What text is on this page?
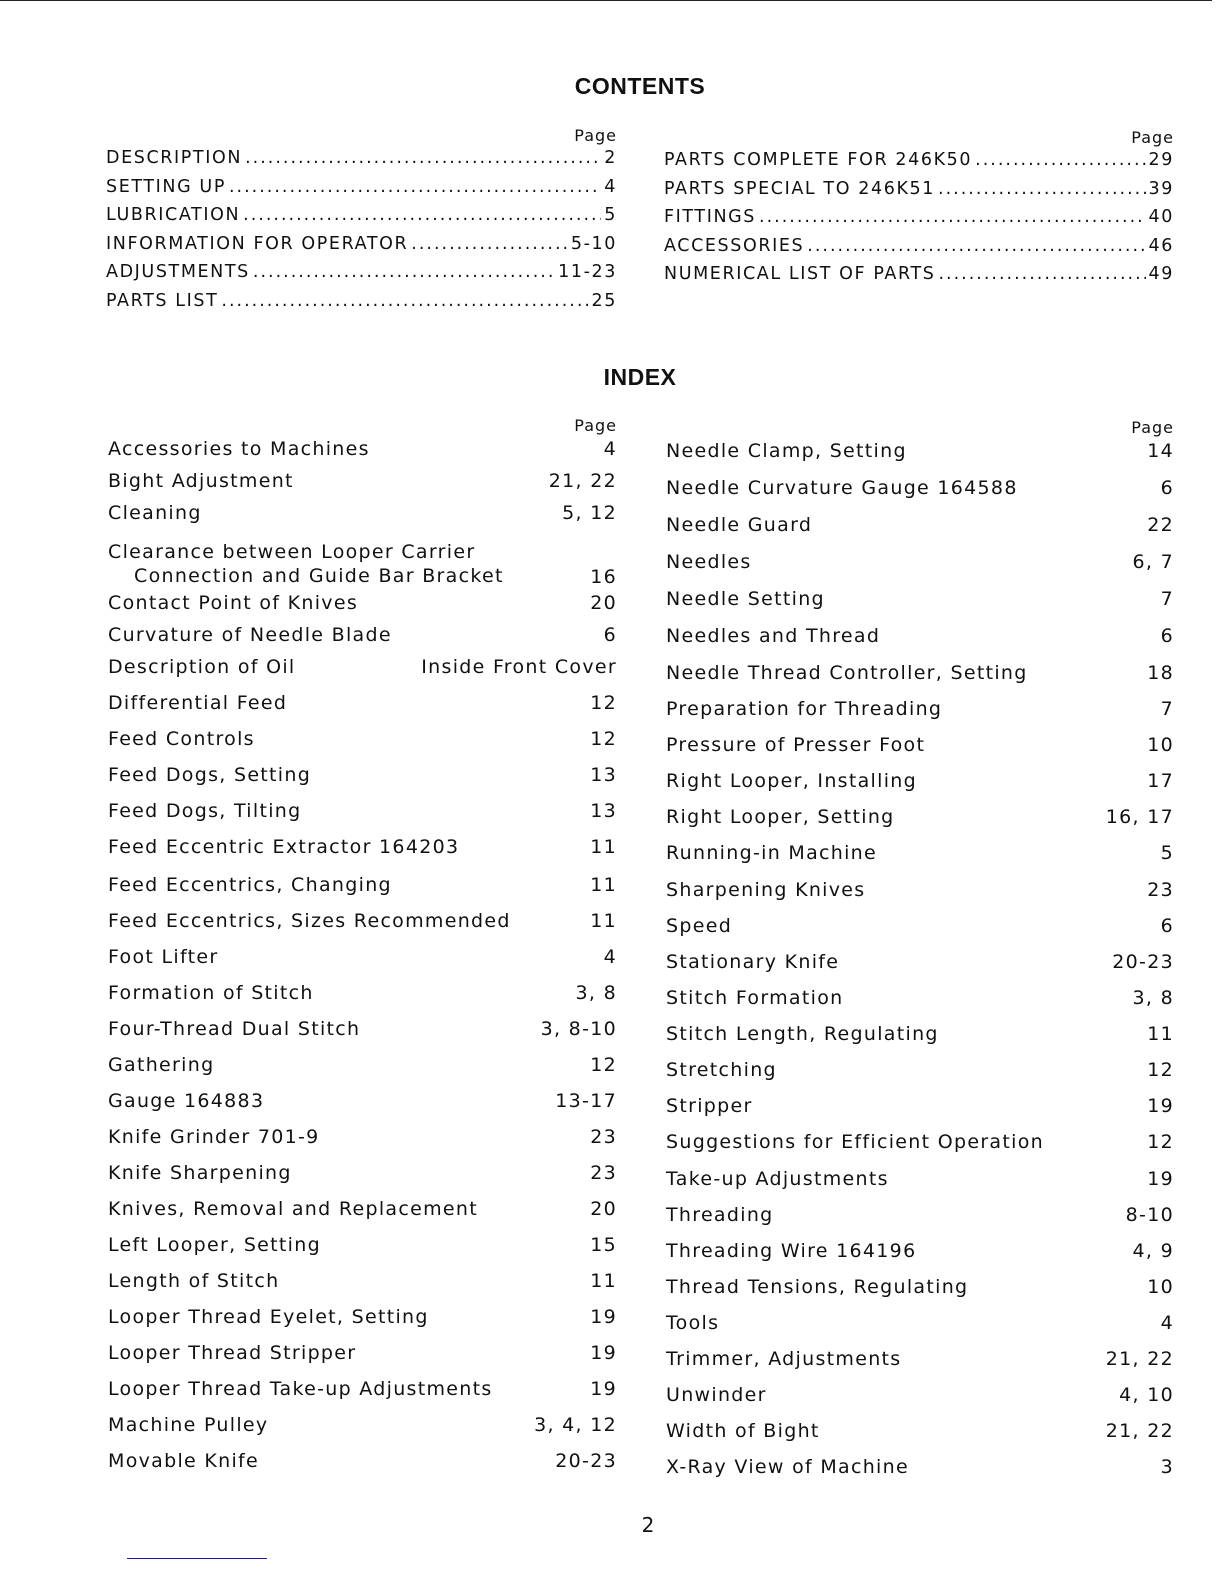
CONTENTS
Page
DESCRIPTION .....	2
SETTING UP .....	4
LUBRICATION .....	5
INFORMATION FOR OPERATOR .....	5-10
ADJUSTMENTS .....	11-23
PARTS LIST .....	25
Page
PARTS COMPLETE FOR 246K50 .....	29
PARTS SPECIAL TO 246K51 .....	39
FITTINGS .....	40
ACCESSORIES .....	46
NUMERICAL LIST OF PARTS .....	49
INDEX
Page
Accessories to Machines	4
Bight Adjustment	21, 22
Cleaning	5, 12
Clearance between Looper Carrier
Connection and Guide Bar Bracket	16
Contact Point of Knives	20
Curvature of Needle Blade	6
Description of Oil	Inside Front Cover
Differential Feed	12
Feed Controls	12
Feed Dogs, Setting	13
Feed Dogs, Tilting	13
Feed Eccentric Extractor 164203	11
Feed Eccentrics, Changing	11
Feed Eccentrics, Sizes Recommended	11
Foot Lifter	4
Formation of Stitch	3, 8
Four-Thread Dual Stitch	3, 8-10
Gathering	12
Gauge 164883	13-17
Knife Grinder 701-9	23
Knife Sharpening	23
Knives, Removal and Replacement	20
Left Looper, Setting	15
Length of Stitch	11
Looper Thread Eyelet, Setting	19
Looper Thread Stripper	19
Looper Thread Take-up Adjustments	19
Machine Pulley	3, 4, 12
Movable Knife	20-23
Page
Needle Clamp, Setting	14
Needle Curvature Gauge 164588	6
Needle Guard	22
Needles	6, 7
Needle Setting	7
Needles and Thread	6
Needle Thread Controller, Setting	18
Preparation for Threading	7
Pressure of Presser Foot	10
Right Looper, Installing	17
Right Looper, Setting	16, 17
Running-in Machine	5
Sharpening Knives	23
Speed	6
Stationary Knife	20-23
Stitch Formation	3, 8
Stitch Length, Regulating	11
Stretching	12
Stripper	19
Suggestions for Efficient Operation	12
Take-up Adjustments	19
Threading	8-10
Threading Wire 164196	4, 9
Thread Tensions, Regulating	10
Tools	4
Trimmer, Adjustments	21, 22
Unwinder	4, 10
Width of Bight	21, 22
X-Ray View of Machine	3
2
